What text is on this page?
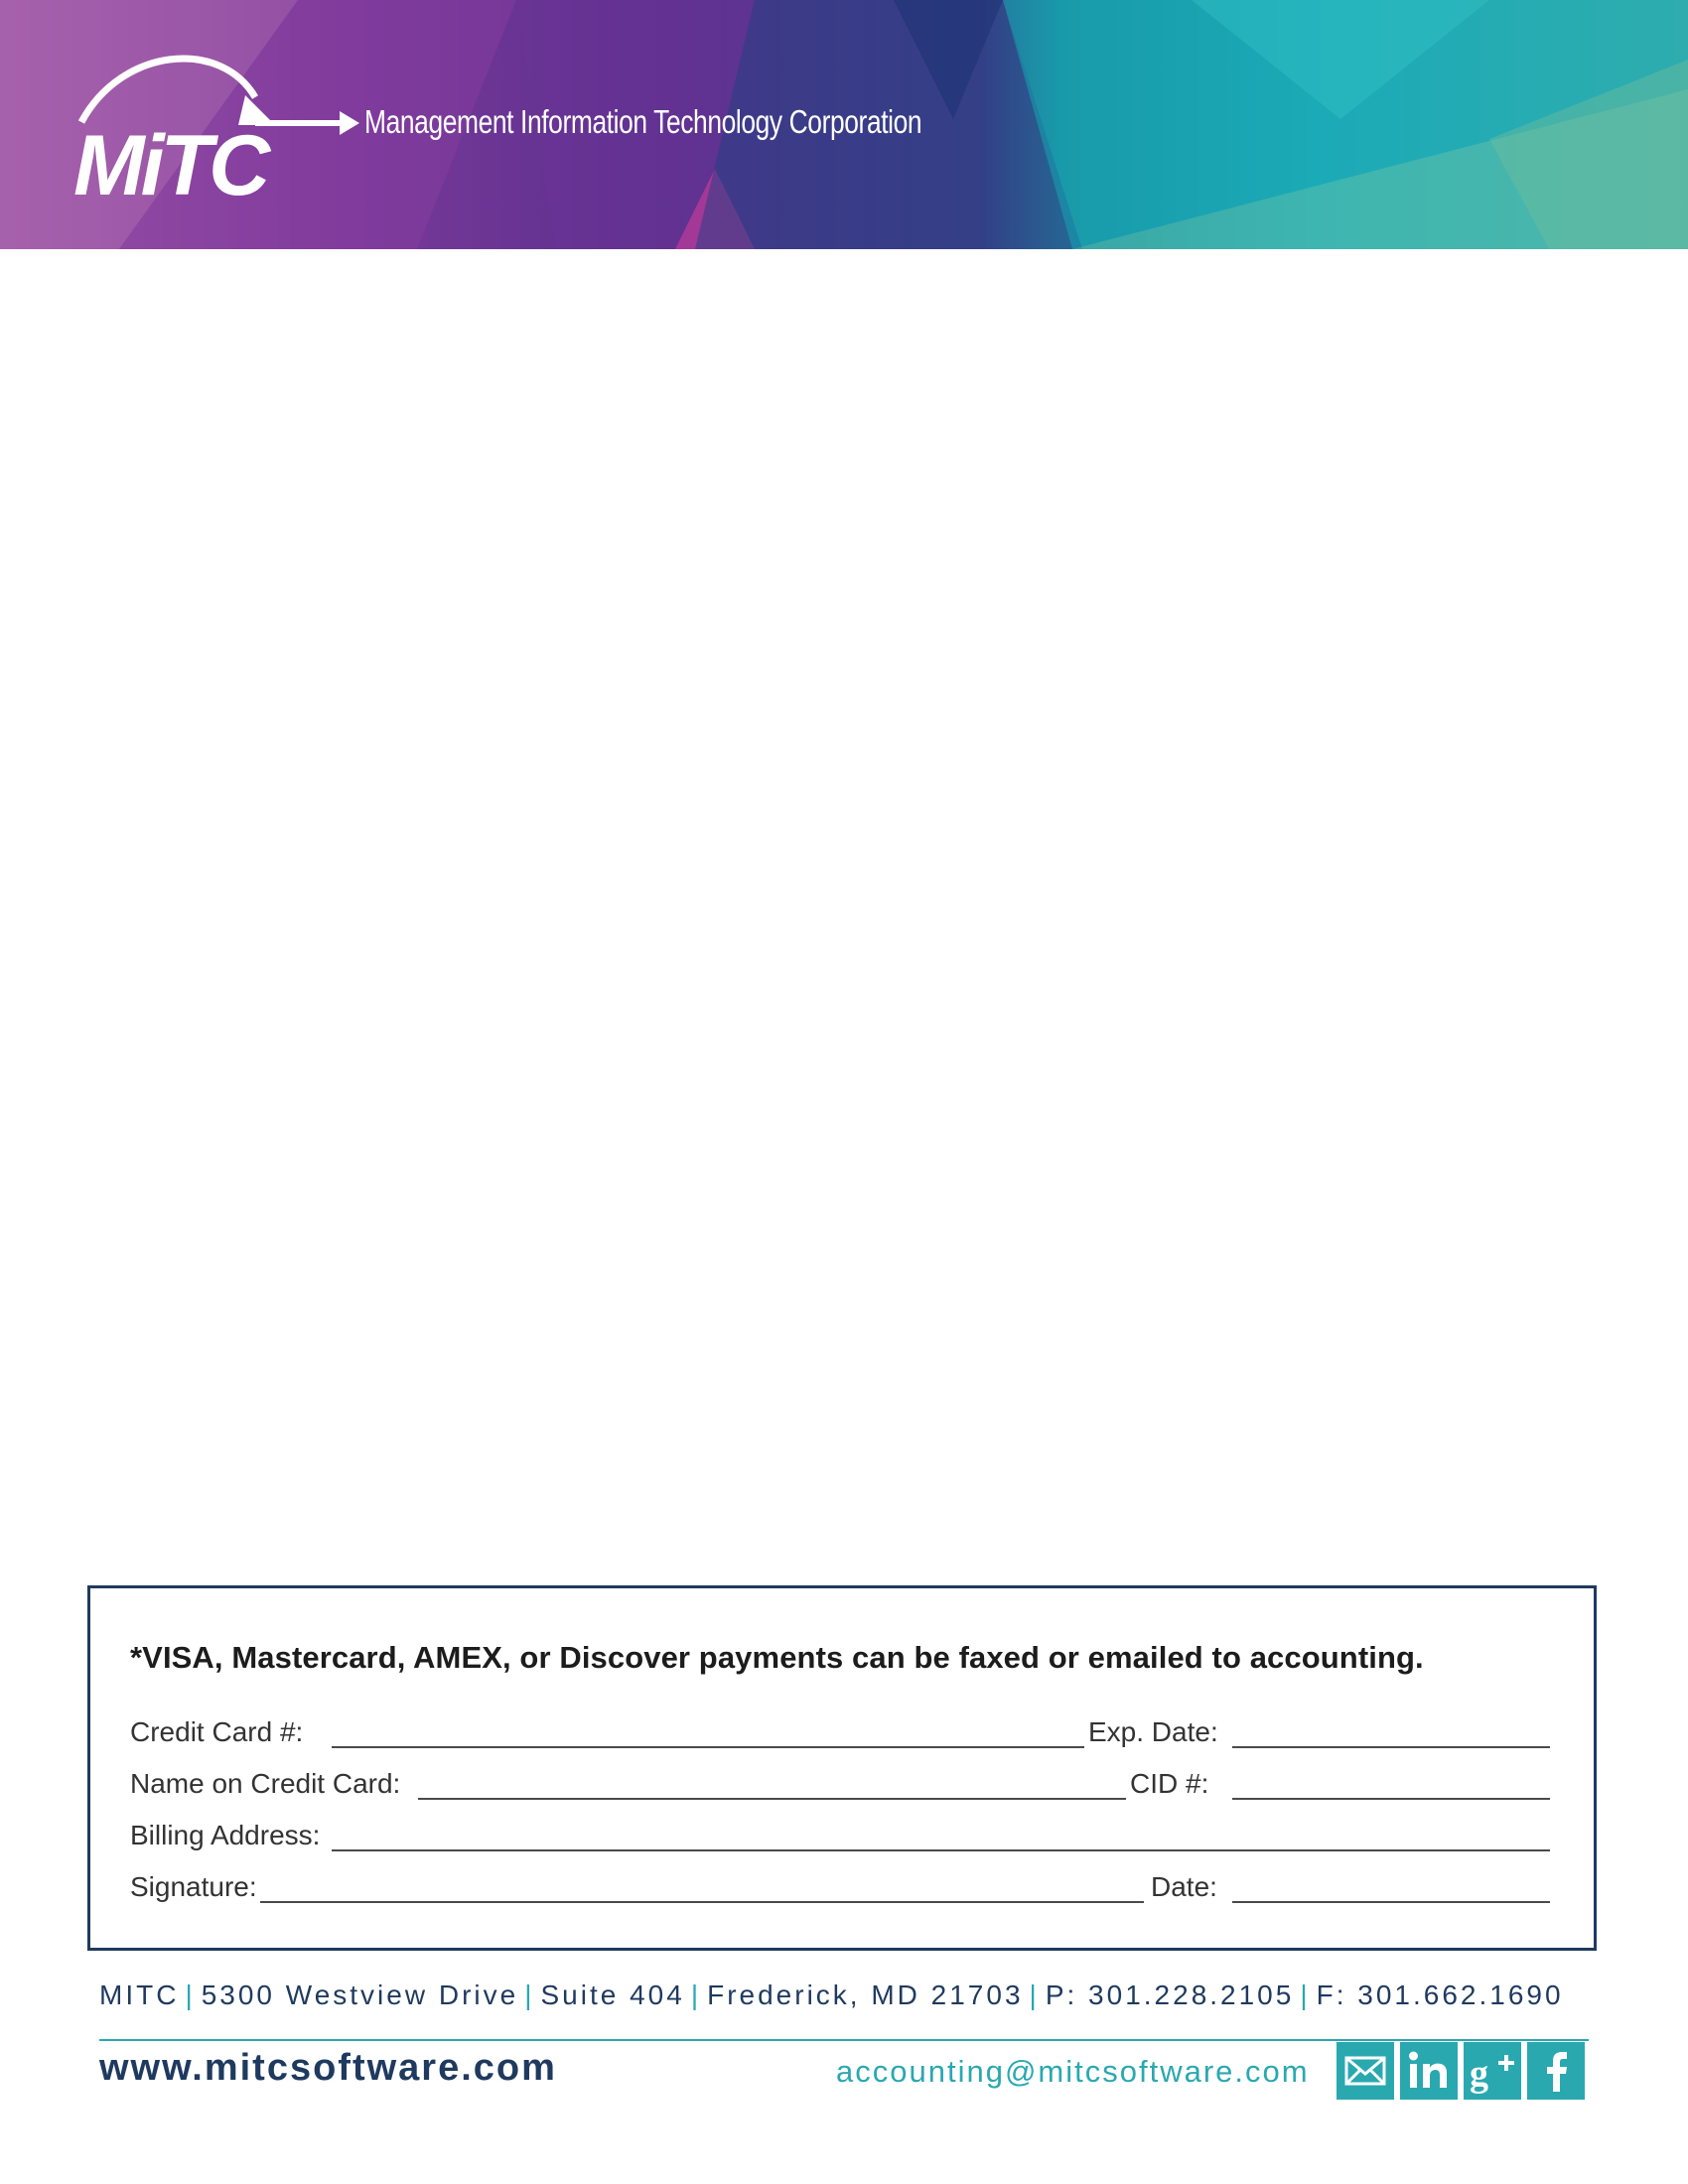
MiTC	Management Information Technology Corporation
*VISA, Mastercard, AMEX, or Discover payments can be faxed or emailed to accounting.
Credit Card #:	Exp. Date:
Name on Credit Card:	CID #:
Billing Address:
Signature:	Date:
MITC | 5300 Westview Drive | Suite 404 | Frederick, MD 21703 | P: 301.228.2105 | F: 301.662.1690
www.mitcsoftware.com	accounting@mitcsoftware.com	g
